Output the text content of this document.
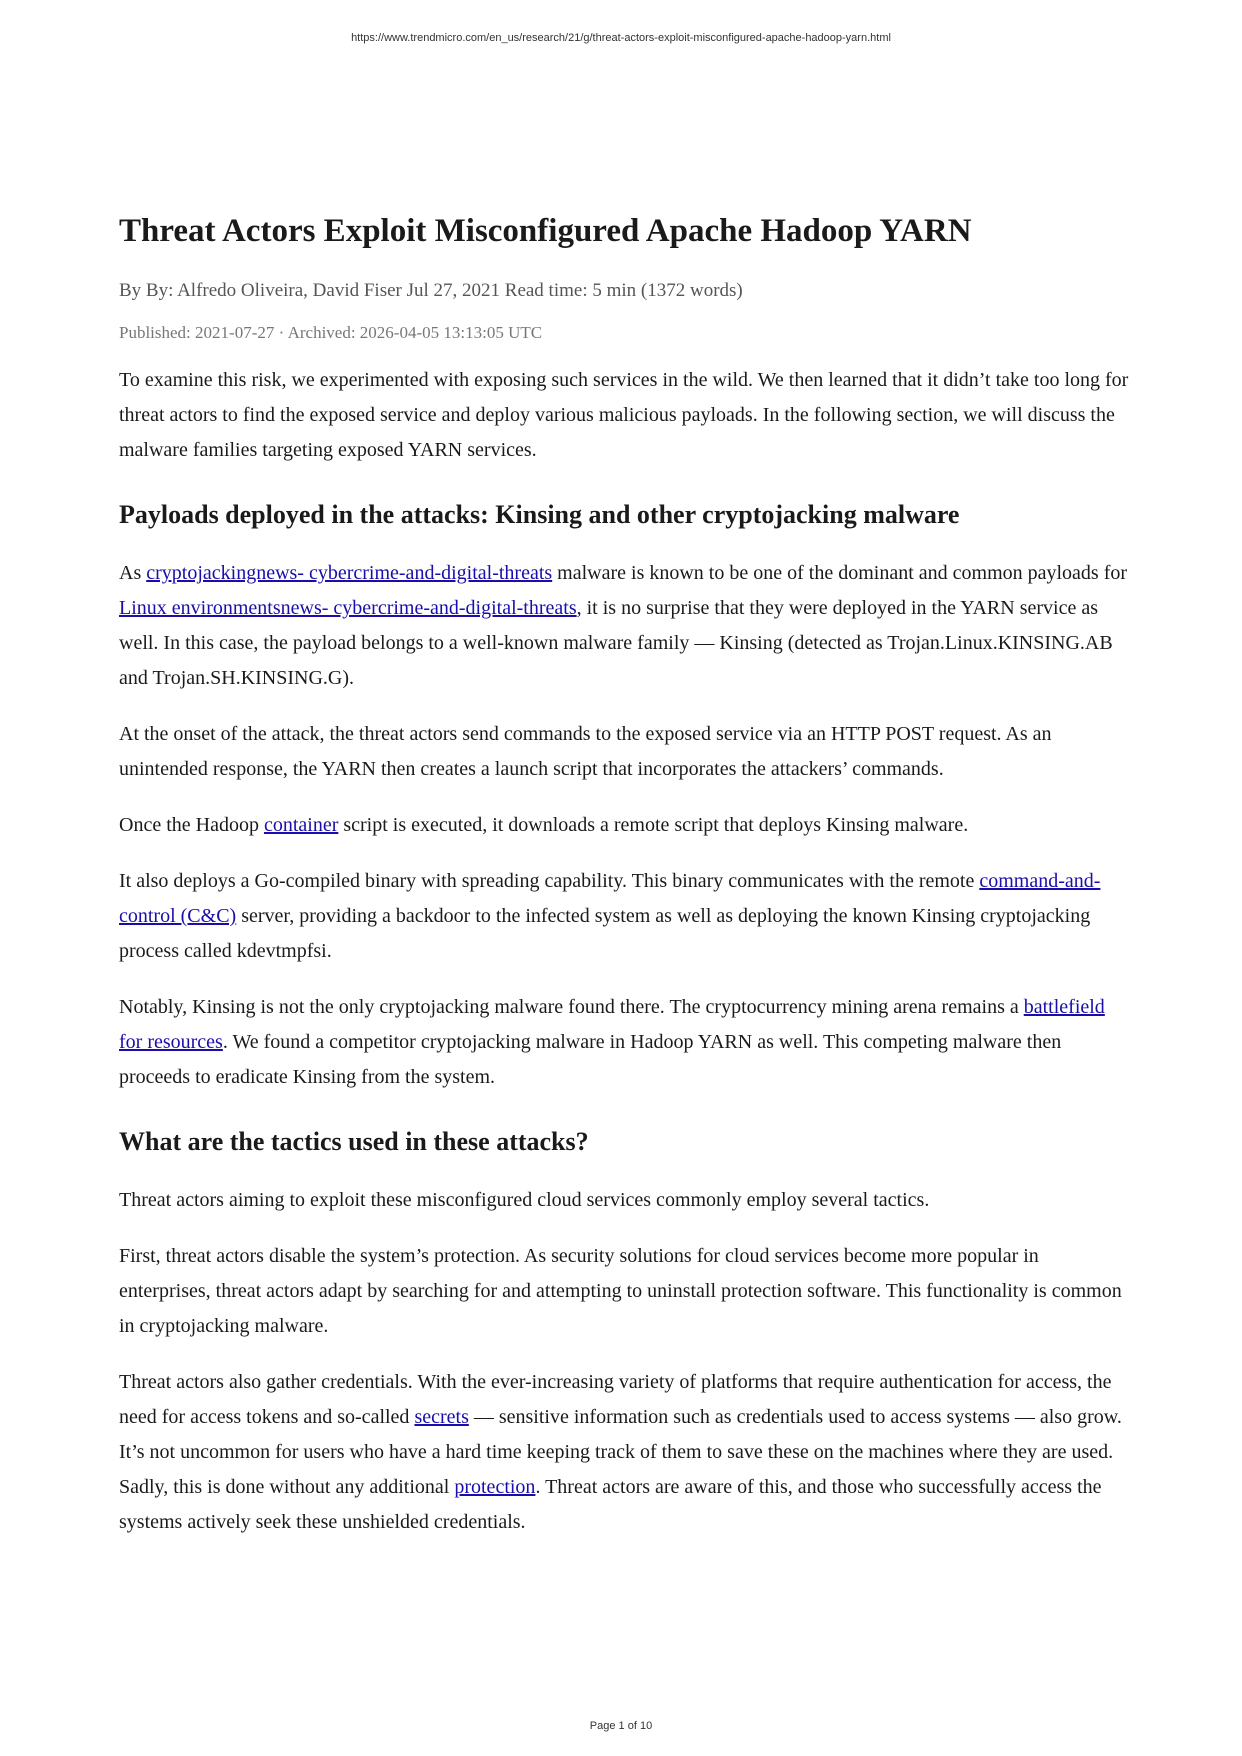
https://www.trendmicro.com/en_us/research/21/g/threat-actors-exploit-misconfigured-apache-hadoop-yarn.html
Threat Actors Exploit Misconfigured Apache Hadoop YARN
By By: Alfredo Oliveira, David Fiser Jul 27, 2021 Read time: 5 min (1372 words)
Published: 2021-07-27 · Archived: 2026-04-05 13:13:05 UTC

To examine this risk, we experimented with exposing such services in the wild. We then learned that it didn’t take too long for threat actors to find the exposed service and deploy various malicious payloads. In the following section, we will discuss the malware families targeting exposed YARN services.

Payloads deployed in the attacks: Kinsing and other cryptojacking malware

As cryptojackingnews- cybercrime-and-digital-threats malware is known to be one of the dominant and common payloads for Linux environmentsnews- cybercrime-and-digital-threats, it is no surprise that they were deployed in the YARN service as well. In this case, the payload belongs to a well-known malware family — Kinsing (detected as Trojan.Linux.KINSING.AB and Trojan.SH.KINSING.G).

At the onset of the attack, the threat actors send commands to the exposed service via an HTTP POST request. As an unintended response, the YARN then creates a launch script that incorporates the attackers’ commands.

Once the Hadoop container script is executed, it downloads a remote script that deploys Kinsing malware.

It also deploys a Go-compiled binary with spreading capability. This binary communicates with the remote command-and-control (C&C) server, providing a backdoor to the infected system as well as deploying the known Kinsing cryptojacking process called kdevtmpfsi.

Notably, Kinsing is not the only cryptojacking malware found there. The cryptocurrency mining arena remains a battlefield for resources. We found a competitor cryptojacking malware in Hadoop YARN as well. This competing malware then proceeds to eradicate Kinsing from the system.

What are the tactics used in these attacks?

Threat actors aiming to exploit these misconfigured cloud services commonly employ several tactics.

First, threat actors disable the system’s protection. As security solutions for cloud services become more popular in enterprises, threat actors adapt by searching for and attempting to uninstall protection software. This functionality is common in cryptojacking malware.

Threat actors also gather credentials. With the ever-increasing variety of platforms that require authentication for access, the need for access tokens and so-called secrets — sensitive information such as credentials used to access systems — also grow. It’s not uncommon for users who have a hard time keeping track of them to save these on the machines where they are used. Sadly, this is done without any additional protection. Threat actors are aware of this, and those who successfully access the systems actively seek these unshielded credentials.

Page 1 of 10
